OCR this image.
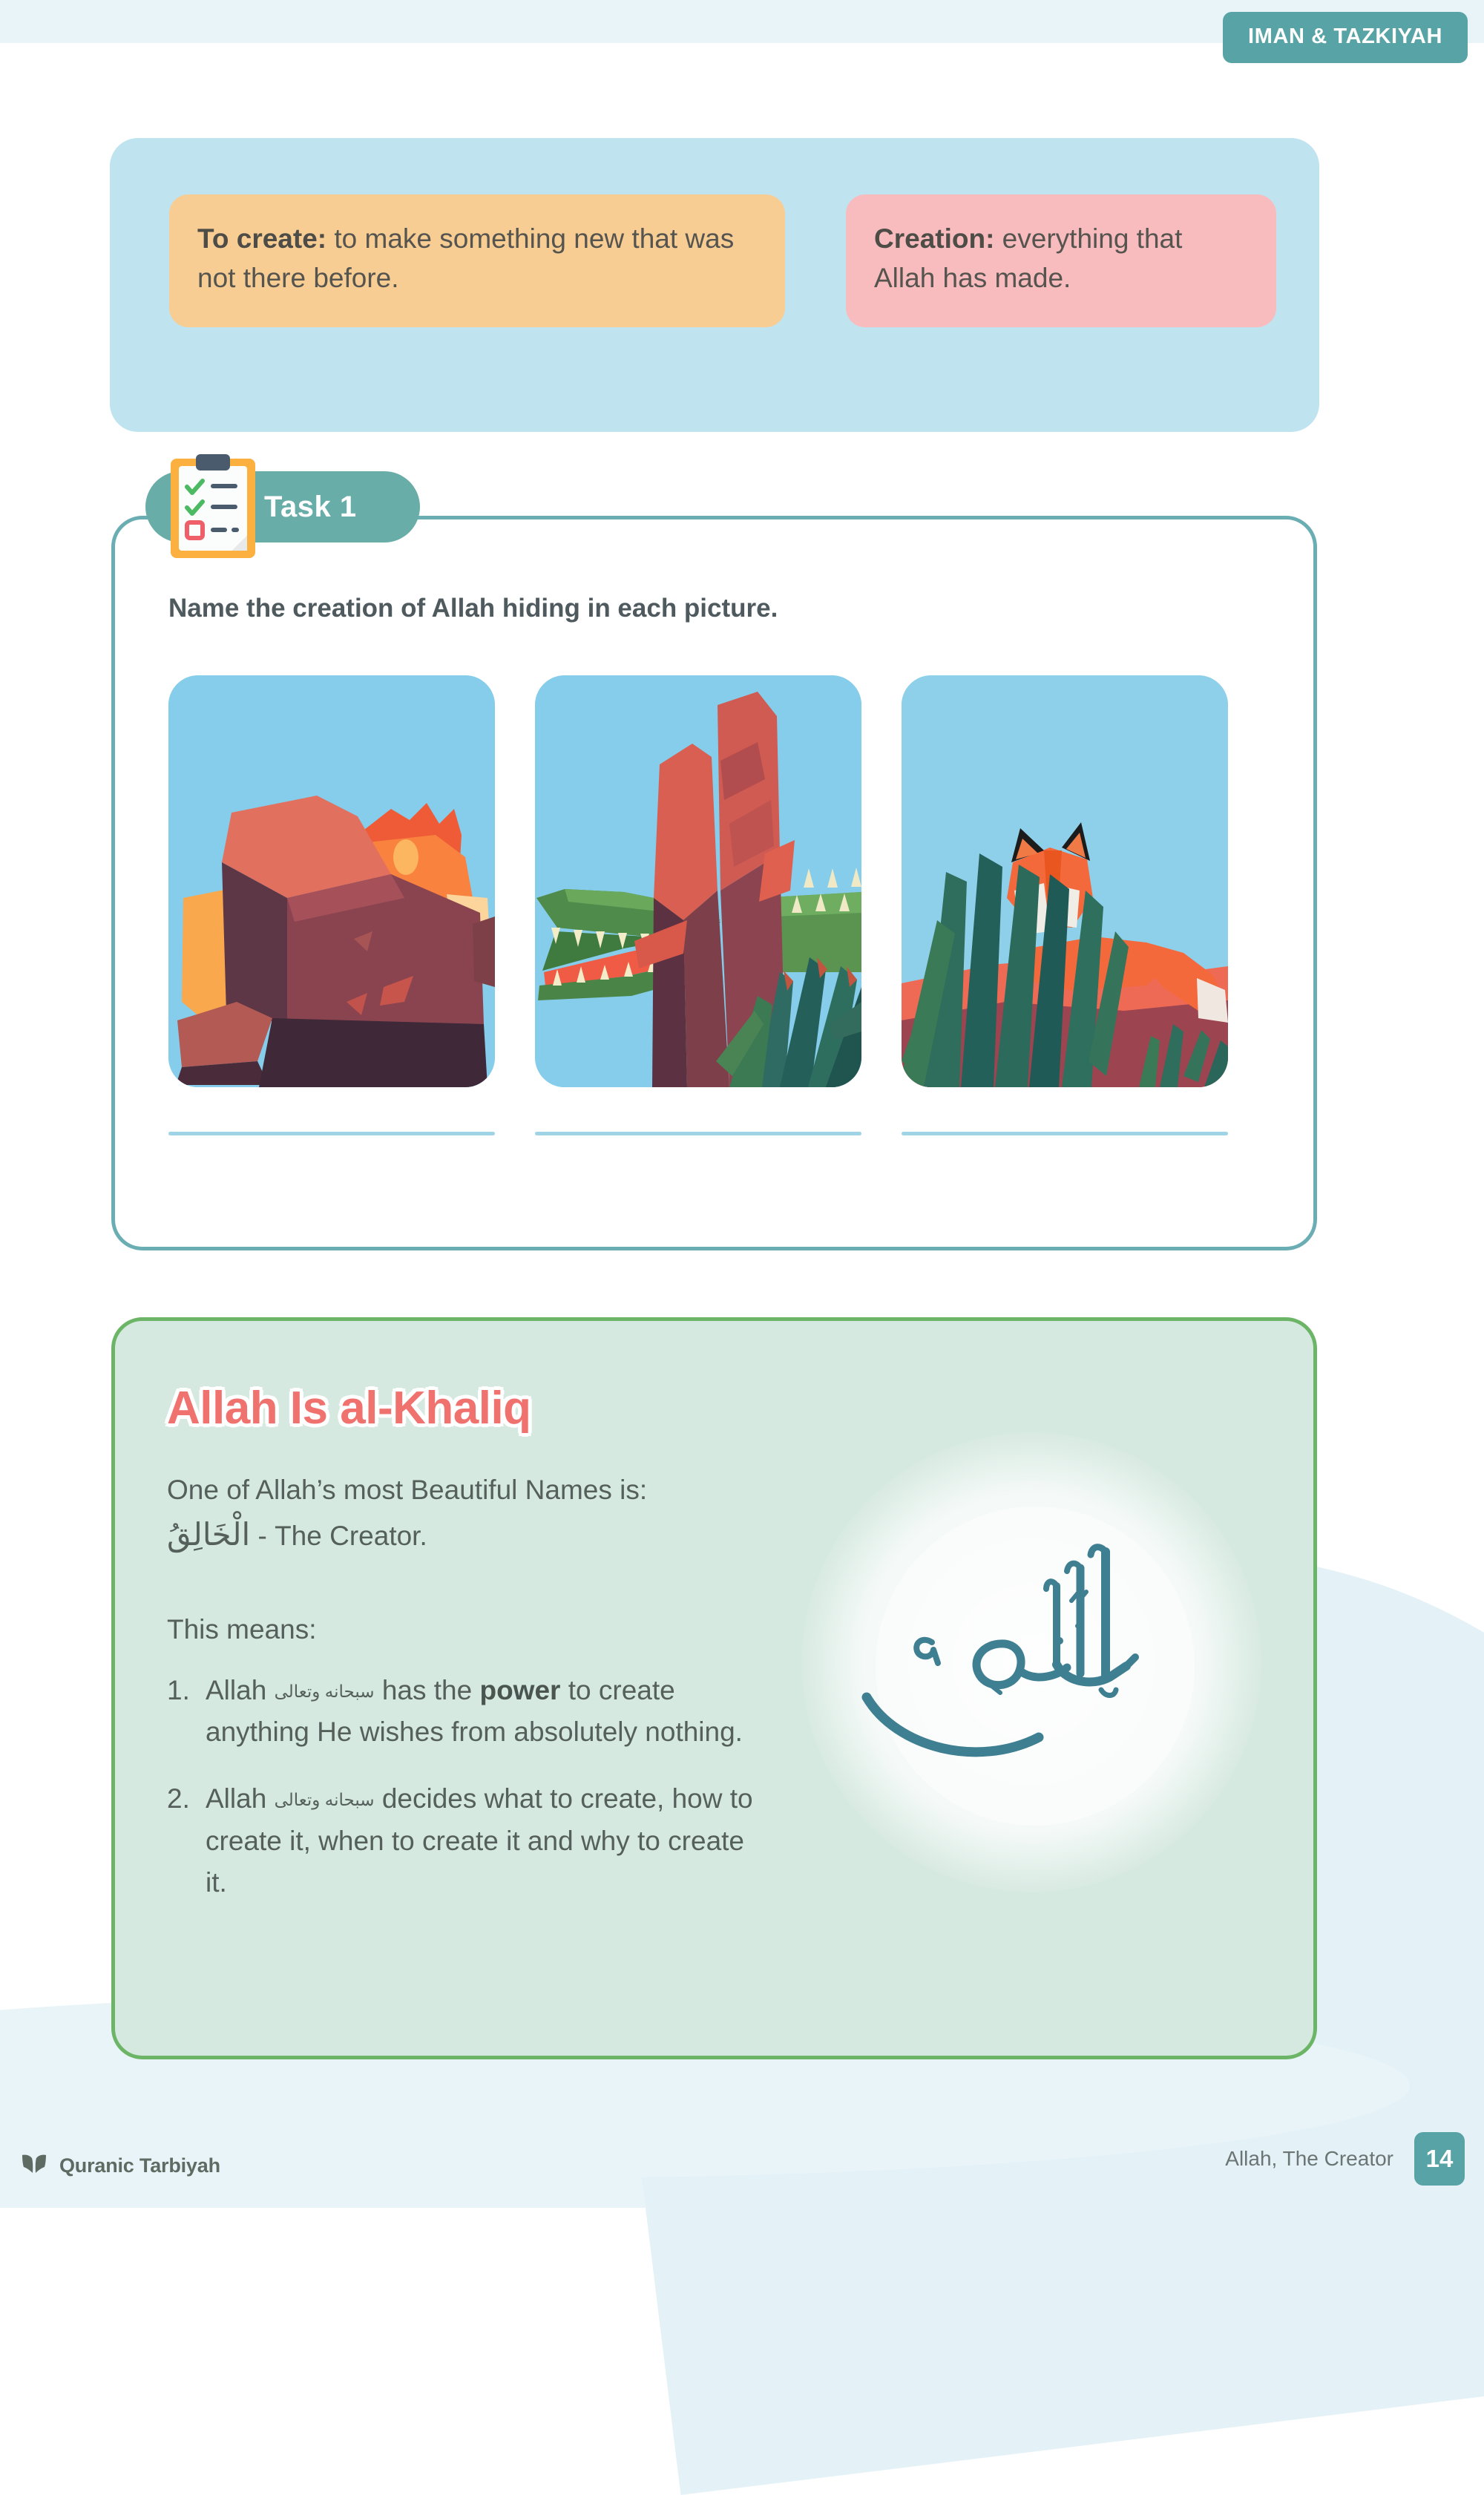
IMAN & TAZKIYAH
To create: to make something new that was not there before.
Creation: everything that Allah has made.
Name the creation of Allah hiding in each picture.
Task 1
Allah Is al-Khaliq
One of Allah’s most Beautiful Names is: الْخَالِقُ - The Creator.
This means:
1. Allah سبحانه وتعالى has the power to create anything He wishes from absolutely nothing.
2. Allah سبحانه وتعالى decides what to create, how to create it, when to create it and why to create it.
Quranic Tarbiyah	Allah, The Creator	14
